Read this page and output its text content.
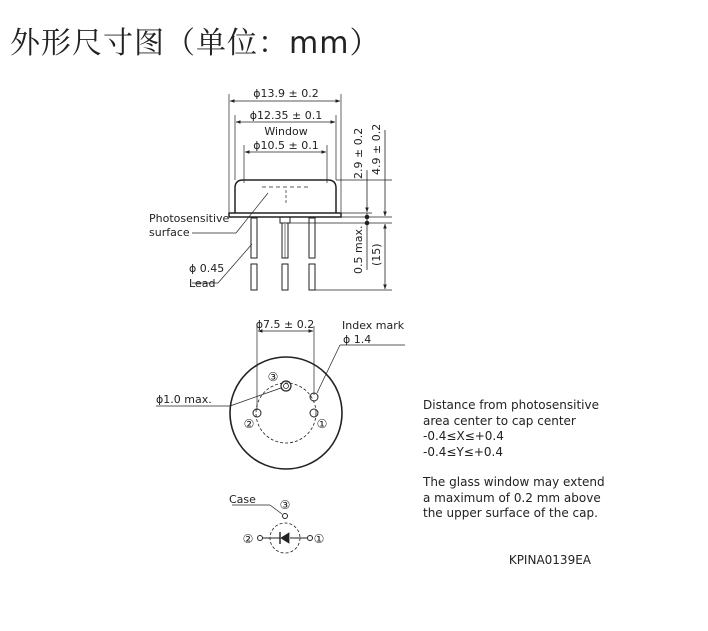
外形尺寸图（单位：mm）
ϕ13.9 ± 0.2
ϕ12.35 ± 0.1
Window
ϕ10.5 ± 0.1	2.9 ± 0.2 4.9 ± 0.2
0.5 max. (15)
Photosensitive
surface
ϕ 0.45
Lead
ϕ7.5 ± 0.2	Index mark
ϕ 1.4
ϕ1.0 max.
③
②	①
Case ③
②	①
KPINA0139EA
Distance from photosensitive
area center to cap center
-0.4≤X≤+0.4
-0.4≤Y≤+0.4
The glass window may extend
a maximum of 0.2 mm above
the upper surface of the cap.
